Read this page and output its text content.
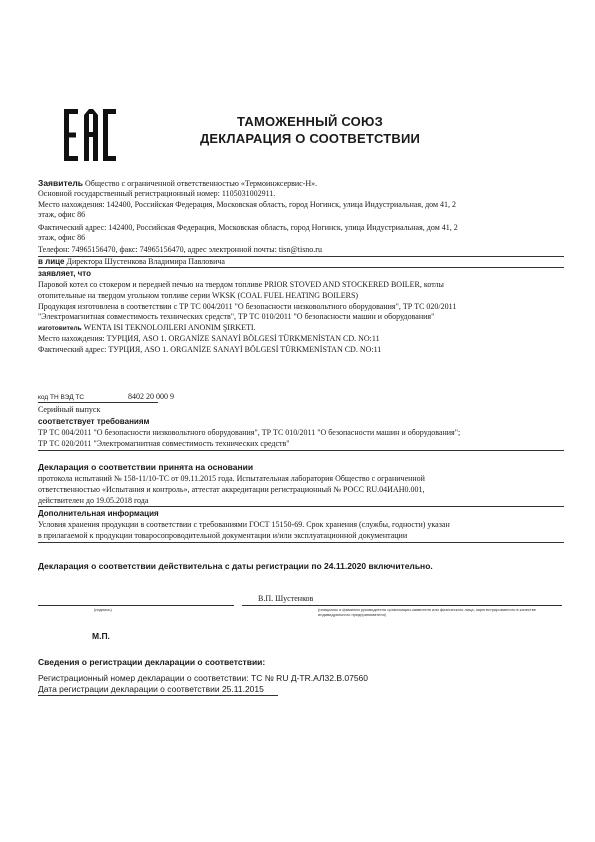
ТАМОЖЕННЫЙ СОЮЗ
ДЕКЛАРАЦИЯ О СООТВЕТСТВИИ
Заявитель Общество с ограниченной ответственностью «Термоинжсервис-Н».
Основной государственный регистрационный номер: 1105031002911.
Место нахождения: 142400, Российская Федерация, Московская область, город Ногинск, улица Индустриальная, дом 41, 2
этаж, офис 86
Фактический адрес: 142400, Российская Федерация, Московская область, город Ногинск, улица Индустриальная, дом 41, 2
этаж, офис 86
Телефон: 74965156470, факс: 74965156470, адрес электронной почты: tisn@tisno.ru
в лице Директора Шустенкова Владимира Павловича
заявляет, что
Паровой котел со стокером и передней печью на твердом топливе PRIOR STOVED AND STOCKERED BOILER, котлы
отопительные на твердом угольном топливе серии WKSK (COAL FUEL HEATING BOILERS)
Продукция изготовлена в соответствии с ТР ТС 004/2011 "О безопасности низковольтного оборудования", ТР ТС 020/2011
"Электромагнитная совместимость технических средств", ТР ТС 010/2011 "О безопасности машин и оборудования"
изготовитель WENTA ISI TEKNOLOJILERI ANONIM ŞIRKETI.
Место нахождения: ТУРЦИЯ, ASO 1. ORGANİZE SANAYİ BÖLGESİ TÜRKMENİSTAN CD. NO:11
Фактический адрес: ТУРЦИЯ, ASO 1. ORGANİZE SANAYİ BÖLGESİ TÜRKMENİSTAN CD. NO:11
код ТН ВЭД ТС	8402 20 000 9
Серийный выпуск
соответствует требованиям
ТР ТС 004/2011 "О безопасности низковольтного оборудования", ТР ТС 010/2011 "О безопасности машин и оборудования";
ТР ТС 020/2011 "Электромагнитная совместимость технических средств"
Декларация о соответствии принята на основании
протокола испытаний № 158-11/10-ТС от 09.11.2015 года. Испытательная лаборатория Общество с ограниченной
ответственностью «Испытания и контроль», аттестат аккредитации регистрационный № РОСС RU.04ИАН0.001,
действителен до 19.05.2018 года
Дополнительная информация
Условия хранения продукции в соответствии с требованиями ГОСТ 15150-69. Срок хранения (службы, годности) указан
в прилагаемой к продукции товаросопроводительной документации и/или эксплуатационной документации
Декларация о соответствии действительна с даты регистрации по 24.11.2020 включительно.
В.П. Шустенков
(подпись)	(инициалы и фамилия руководителя организации-заявителя или физического лица, зарегистрированного в качестве
индивидуального предпринимателя)
М.П.
Сведения о регистрации декларации о соответствии:
Регистрационный номер декларации о соответствии: ТС № RU Д-TR.АЛ32.В.07560
Дата регистрации декларации о соответствии 25.11.2015
